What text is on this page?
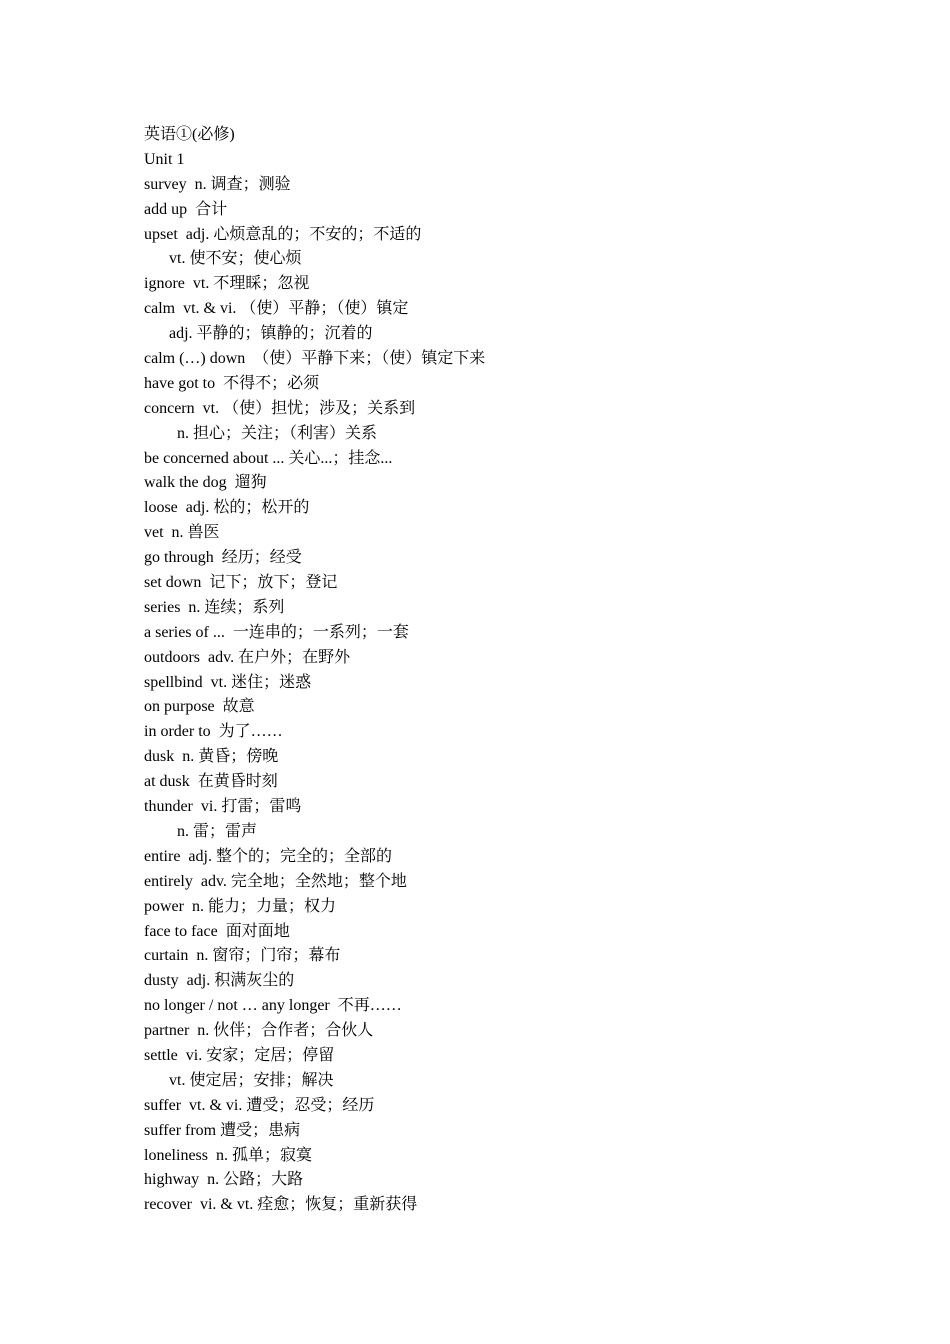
英语①(必修)
Unit 1
survey  n. 调查；测验
add up  合计
upset  adj. 心烦意乱的；不安的；不适的
vt. 使不安；使心烦
ignore  vt. 不理睬；忽视
calm  vt. & vi. （使）平静；（使）镇定
adj. 平静的；镇静的；沉着的
calm (…) down  （使）平静下来；（使）镇定下来
have got to  不得不；必须
concern  vt. （使）担忧；涉及；关系到
n. 担心；关注；（利害）关系
be concerned about ... 关心...；挂念...
walk the dog  遛狗
loose  adj. 松的；松开的
vet  n. 兽医
go through  经历；经受
set down  记下；放下；登记
series  n. 连续；系列
a series of ...  一连串的；一系列；一套
outdoors  adv. 在户外；在野外
spellbind  vt. 迷住；迷惑
on purpose  故意
in order to  为了……
dusk  n. 黄昏；傍晚
at dusk  在黄昏时刻
thunder  vi. 打雷；雷鸣
n. 雷；雷声
entire  adj. 整个的；完全的；全部的
entirely  adv. 完全地；全然地；整个地
power  n. 能力；力量；权力
face to face  面对面地
curtain  n. 窗帘；门帘；幕布
dusty  adj. 积满灰尘的
no longer / not … any longer  不再……
partner  n. 伙伴；合作者；合伙人
settle  vi. 安家；定居；停留
vt. 使定居；安排；解决
suffer  vt. & vi. 遭受；忍受；经历
suffer from 遭受；患病
loneliness  n. 孤单；寂寞
highway  n. 公路；大路
recover  vi. & vt. 痊愈；恢复；重新获得
